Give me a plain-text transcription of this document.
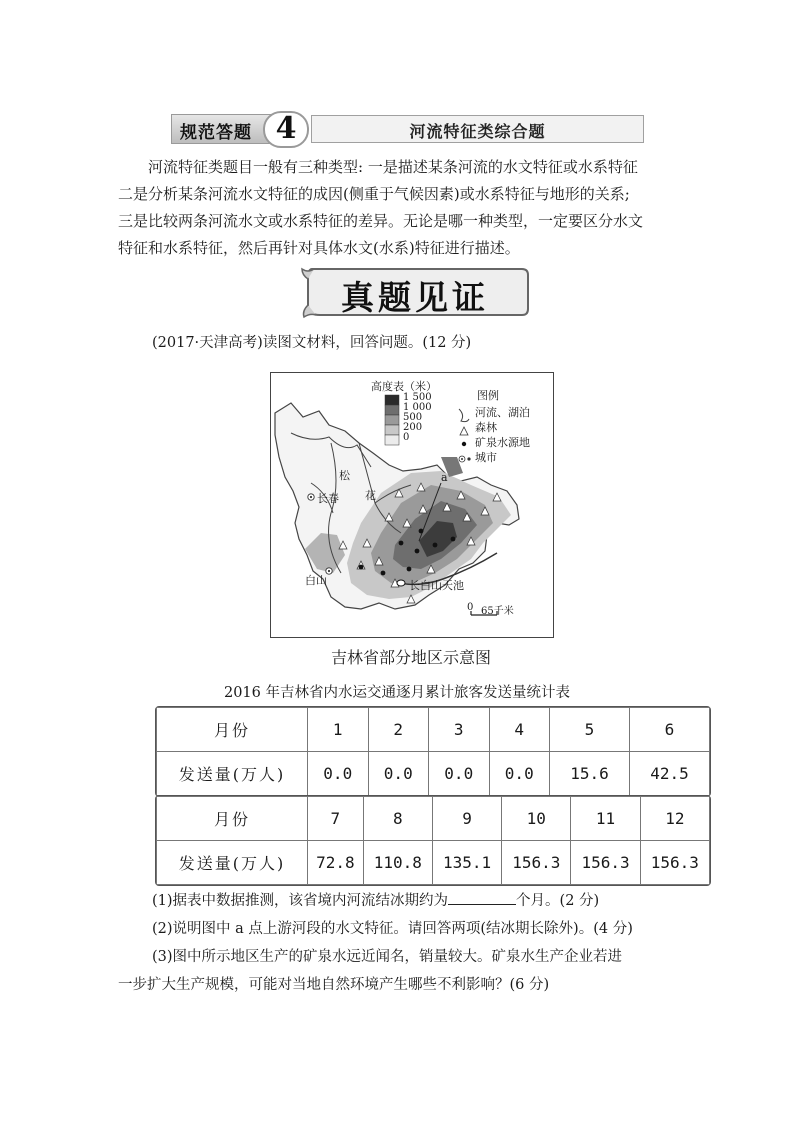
规范答题 4	河流特征类综合题

河流特征类题目一般有三种类型: 一是描述某条河流的水文特征或水系特征

二是分析某条河流水文特征的成因(侧重于气候因素)或水系特征与地形的关系;

三是比较两条河流水文或水系特征的差异。无论是哪一种类型，一定要区分水文

特征和水系特征，然后再针对具体水文(水系)特征进行描述。

真题见证
(2017·天津高考)读图文材料，回答问题。(12 分)
高度表（米）
1 500
1 000
500
200
0
图例
河流、湖泊
森林
矿泉水源地
城市
松
花
长春
白山	长白山天池
a
0 65千米
吉林省部分地区示意图
2016 年吉林省内水运交通逐月累计旅客发送量统计表
月份	1	2	3	4	5	6
发送量(万人)	0.0	0.0	0.0	0.0	15.6	42.5
月份	7	8	9	10	11	12
发送量(万人)	72.8	110.8	135.1	156.3	156.3	156.3
(1)据表中数据推测，该省境内河流结冰期约为	个月。(2 分)
(2)说明图中 a 点上游河段的水文特征。请回答两项(结冰期长除外)。(4 分)
(3)图中所示地区生产的矿泉水远近闻名，销量较大。矿泉水生产企业若进
一步扩大生产规模，可能对当地自然环境产生哪些不利影响？(6 分)
